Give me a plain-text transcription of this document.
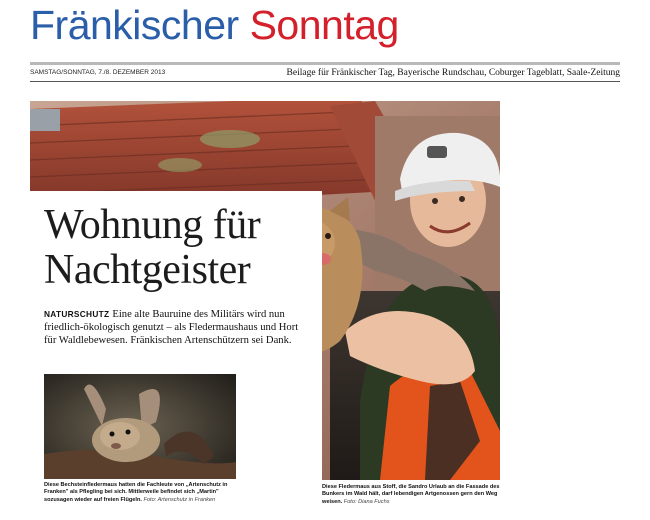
Fränkischer Sonntag
SAMSTAG/SONNTAG, 7./8. DEZEMBER 2013	Beilage für Fränkischer Tag, Bayerische Rundschau, Coburger Tageblatt, Saale-Zeitung
Wohnung für
Nachtgeister
NATURSCHUTZ Eine alte Bauruine des Militärs wird nun friedlich-ökologisch genutzt – als Fledermaushaus und Hort für Waldlebewesen. Fränkischen Artenschützern sei Dank.
Diese Bechsteinfledermaus hatten die Fachleute von „Artenschutz in Franken" als Pflegling bei sich. Mittlerweile befindet sich „Martin" sozusagen wieder auf freien Flügeln. Foto: Artenschutz in Franken
Diese Fledermaus aus Stoff, die Sandro Urlaub an die Fassade des Bunkers im Wald hält, darf lebendigen Artgenossen gern den Weg weisen. Foto: Diana Fuchs
